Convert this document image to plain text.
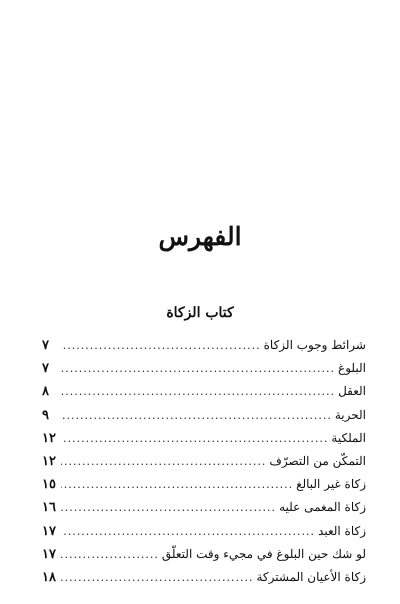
الفهرس
كتاب الزكاة
شرائط وجوب الزكاة
.....
٧
البلوغ
.....
٧
العقل
.....
٨
الحرية
.....
٩
الملكية
.....
١٢
التمكّن من التصرّف
.....
١٢
زكاة غير البالغ
.....
١٥
زكاة المغمى عليه
.....
١٦
زكاة العبد
.....
١٧
لو شك حين البلوغ في مجيء وقت التعلّق
.....
١٧
زكاة الأعيان المشتركة
.....
١٨
